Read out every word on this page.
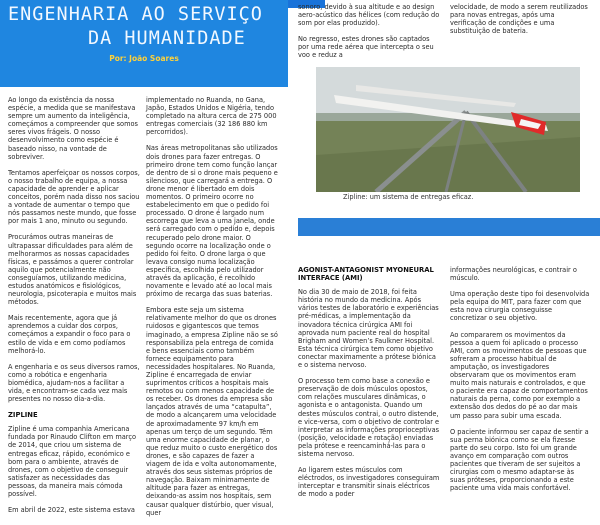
ENGENHARIA AO SERVIÇO
DA HUMANIDADE
Por: João Soares

Ao longo da existência da nossa espécie, a medida que se manifestava sempre um aumento da inteligência, começámos a compreender que somos seres vivos frágeis. O nosso desenvolvimento como espécie é baseado nisso, na vontade de sobreviver.

Tentamos aperfeiçoar os nossos corpos, o nosso trabalho de equipa, a nossa capacidade de aprender e aplicar conceitos, porém nada disso nos saciou a vontade de aumentar o tempo que nós passamos neste mundo, que fosse por mais 1 ano, minuto ou segundo.

Procurámos outras maneiras de ultrapassar dificuldades para além de melhorarmos as nossas capacidades físicas, e passámos a querer controlar aquilo que potencialmente não conseguíamos, utilizando medicina, estudos anatómicos e fisiológicos, neurologia, psicoterapia e muitos mais métodos.

Mais recentemente, agora que já aprendemos a cuidar dos corpos, começámos a expandir o foco para o estilo de vida e em como podíamos melhorá-lo.

A engenharia e os seus diversos ramos, como a robótica e engenharia biomédica, ajudam-nos a facilitar a vida, e encontram-se cada vez mais presentes no nosso dia-a-dia.

ZIPLINE

Zipline é uma companhia Americana fundada por Rinaudo Clifton em março de 2014, que criou um sistema de entregas eficaz, rápido, económico e bom para o ambiente, através de drones, com o objetivo de conseguir satisfazer as necessidades das pessoas, da maneira mais cómoda possível.

Em abril de 2022, este sistema estava

implementado no Ruanda, no Gana, Japão, Estados Unidos e Nigéria, tendo completado na altura cerca de 275 000 entregas comerciais (32 186 880 km percorridos).

Nas áreas metropolitanas são utilizados dois drones para fazer entregas. O primeiro drone tem como função lançar de dentro de si o drone mais pequeno e silencioso, que carregará a entrega. O drone menor é libertado em dois momentos. O primeiro ocorre no estabelecimento em que o pedido foi processado. O drone é largado num escorrega que leva a uma janela, onde será carregado com o pedido e, depois recuperado pelo drone maior. O segundo ocorre na localização onde o pedido foi feito. O drone larga o que levava consigo numa localização específica, escolhida pelo utilizador através da aplicação, é recolhido novamente e levado até ao local mais próximo de recarga das suas baterias.

Embora este seja um sistema relativamente melhor do que os drones ruidosos e gigantescos que temos imaginado, a empresa Zipline não se só responsabiliza pela entrega de comida e bens essenciais como também fornece equipamento para necessidades hospitalares. No Ruanda, Zipline é encarregada de enviar suprimentos críticos a hospitais mais remotos ou com menos capacidade de os receber. Os drones da empresa são lançados através de uma “catapulta”, de modo a alcançarem uma velocidade de aproximadamente 97 km/h em apenas um terço de um segundo. Têm uma enorme capacidade de planar, o que reduz muito o custo energético dos drones, e são capazes de fazer a viagem de ida e volta autonomamente, através dos seus sistemas próprios de navegação. Baixam minimamente de altitude para fazer as entregas, deixando-as assim nos hospitais, sem causar qualquer distúrbio, quer visual, quer

sonoro, devido à sua altitude e ao design aero-acústico das hélices (com redução do som por elas produzido).

No regresso, estes drones são captados por uma rede aérea que intercepta o seu voo e reduz a

velocidade, de modo a serem reutilizados para novas entregas, após uma verificação de condições e uma substituição de bateria.

Zipline: um sistema de entregas eficaz.
AGONIST-ANTAGONIST MYONEURAL INTERFACE (AMI)

No dia 30 de maio de 2018, foi feita história no mundo da medicina. Após vários testes de laboratório e experiências pré-médicas, a implementação da inovadora técnica cirúrgica AMI foi aprovada num paciente real do hospital Brigham and Women’s Faulkner Hospital. Esta técnica cirúrgica tem como objetivo conectar maximamente a prótese biónica e o sistema nervoso.

O processo tem como base a conexão e preservação de dois músculos opostos, com relações musculares dinâmicas, o agonista e o antagonista. Quando um destes músculos contrai, o outro distende, e vice-versa, com o objetivo de controlar e interpretar as informações proprioceptivas (posição, velocidade e rotação) enviadas pela prótese e reencaminhá-las para o sistema nervoso.

Ao ligarem estes músculos com eléctrodos, os investigadores conseguiram interceptar e transmitir sinais eléctricos de modo a poder

informações neurológicas, e contrair o músculo.

Uma operação deste tipo foi desenvolvida pela equipa do MIT, para fazer com que esta nova cirurgia conseguisse concretizar o seu objetivo.

Ao compararem os movimentos da pessoa a quem foi aplicado o processo AMI, com os movimentos de pessoas que sofreram a processo habitual de amputação, os investigadores observaram que os movimentos eram muito mais naturais e controlados, e que o paciente era capaz de comportamentos naturais da perna, como por exemplo a extensão dos dedos do pé ao dar mais um passo para subir uma escada.

O paciente informou ser capaz de sentir a sua perna biónica como se ela fizesse parte do seu corpo. Isto foi um grande avanço em comparação com outros pacientes que tiveram de ser sujeitos a cirurgias com o mesmo adaptar-se às suas próteses, proporcionando a este paciente uma vida mais confortável.
